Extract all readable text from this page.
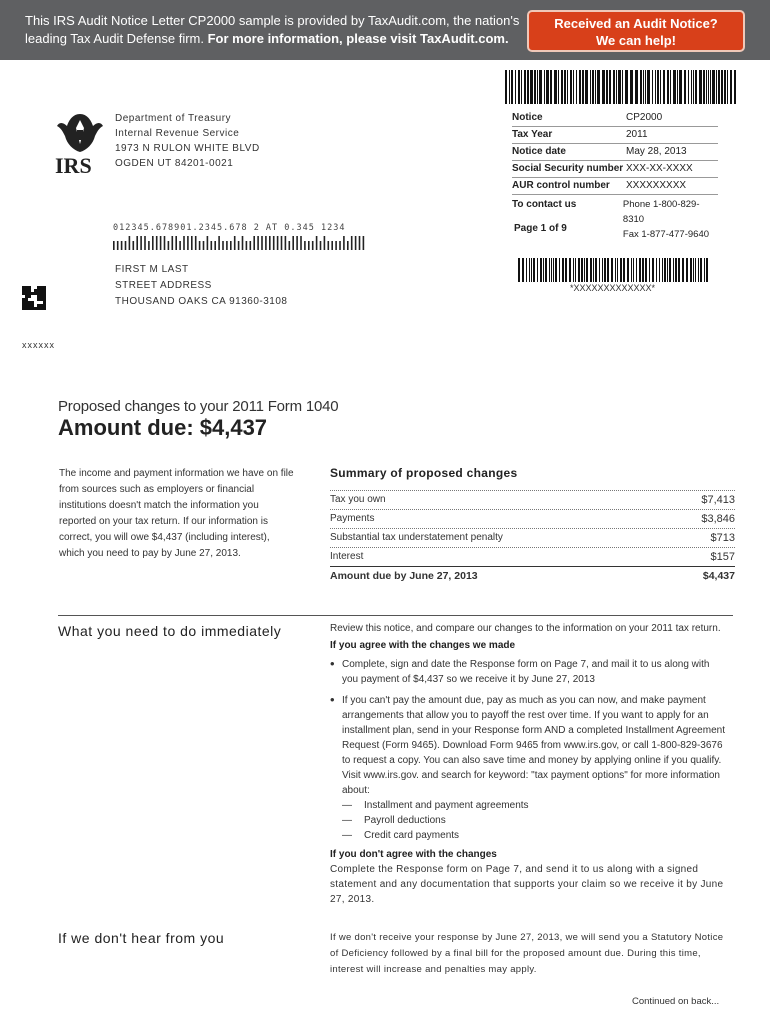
This IRS Audit Notice Letter CP2000 sample is provided by TaxAudit.com, the nation's leading Tax Audit Defense firm. For more information, please visit TaxAudit.com.
Received an Audit Notice?
We can help!
IRS
Department of Treasury
Internal Revenue Service
1973 N RULON WHITE BLVD
OGDEN UT 84201-0021
Notice	CP2000
Tax Year	2011
Notice date	May 28, 2013
Social Security number XXX-XX-XXXX
AUR control number	XXXXXXXXX
To contact us	Phone 1-800-829-8310
Fax 1-877-477-9640
Page 1 of 9
*XXXXXXXXXXXXX*
012345.678901.2345.678 2 AT 0.345 1234
FIRST M LAST
STREET ADDRESS
THOUSAND OAKS CA 91360-3108
xxxxxx
Proposed changes to your 2011 Form 1040
Amount due: $4,437
The income and payment information we have on file from sources such as employers or financial institutions doesn't match the information you reported on your tax return. If our information is correct, you will owe $4,437 (including interest), which you need to pay by June 27, 2013.
Summary of proposed changes
Tax you own	$7,413
Payments	$3,846
Substantial tax understatement penalty	$713
Interest	$157
Amount due by June 27, 2013	$4,437
What you need to do immediately	Review this notice, and compare our changes to the information on your 2011 tax return.
If you agree with the changes we made
• Complete, sign and date the Response form on Page 7, and mail it to us along with you payment of $4,437 so we receive it by June 27, 2013
• If you can't pay the amount due, pay as much as you can now, and make payment arrangements that allow you to payoff the rest over time. If you want to apply for an installment plan, send in your Response form AND a completed Installment Agreement Request (Form 9465). Download Form 9465 from www.irs.gov, or call 1-800-829-3676 to request a copy. You can also save time and money by applying online if you qualify. Visit www.irs.gov. and search for keyword: "tax payment options" for more information about:
— Installment and payment agreements
— Payroll deductions
— Credit card payments
If you don't agree with the changes
Complete the Response form on Page 7, and send it to us along with a signed statement and any documentation that supports your claim so we receive it by June 27, 2013.
If we don't hear from you	If we don't receive your response by June 27, 2013, we will send you a Statutory Notice of Deficiency followed by a final bill for the proposed amount due. During this time, interest will increase and penalties may apply.
Continued on back...
